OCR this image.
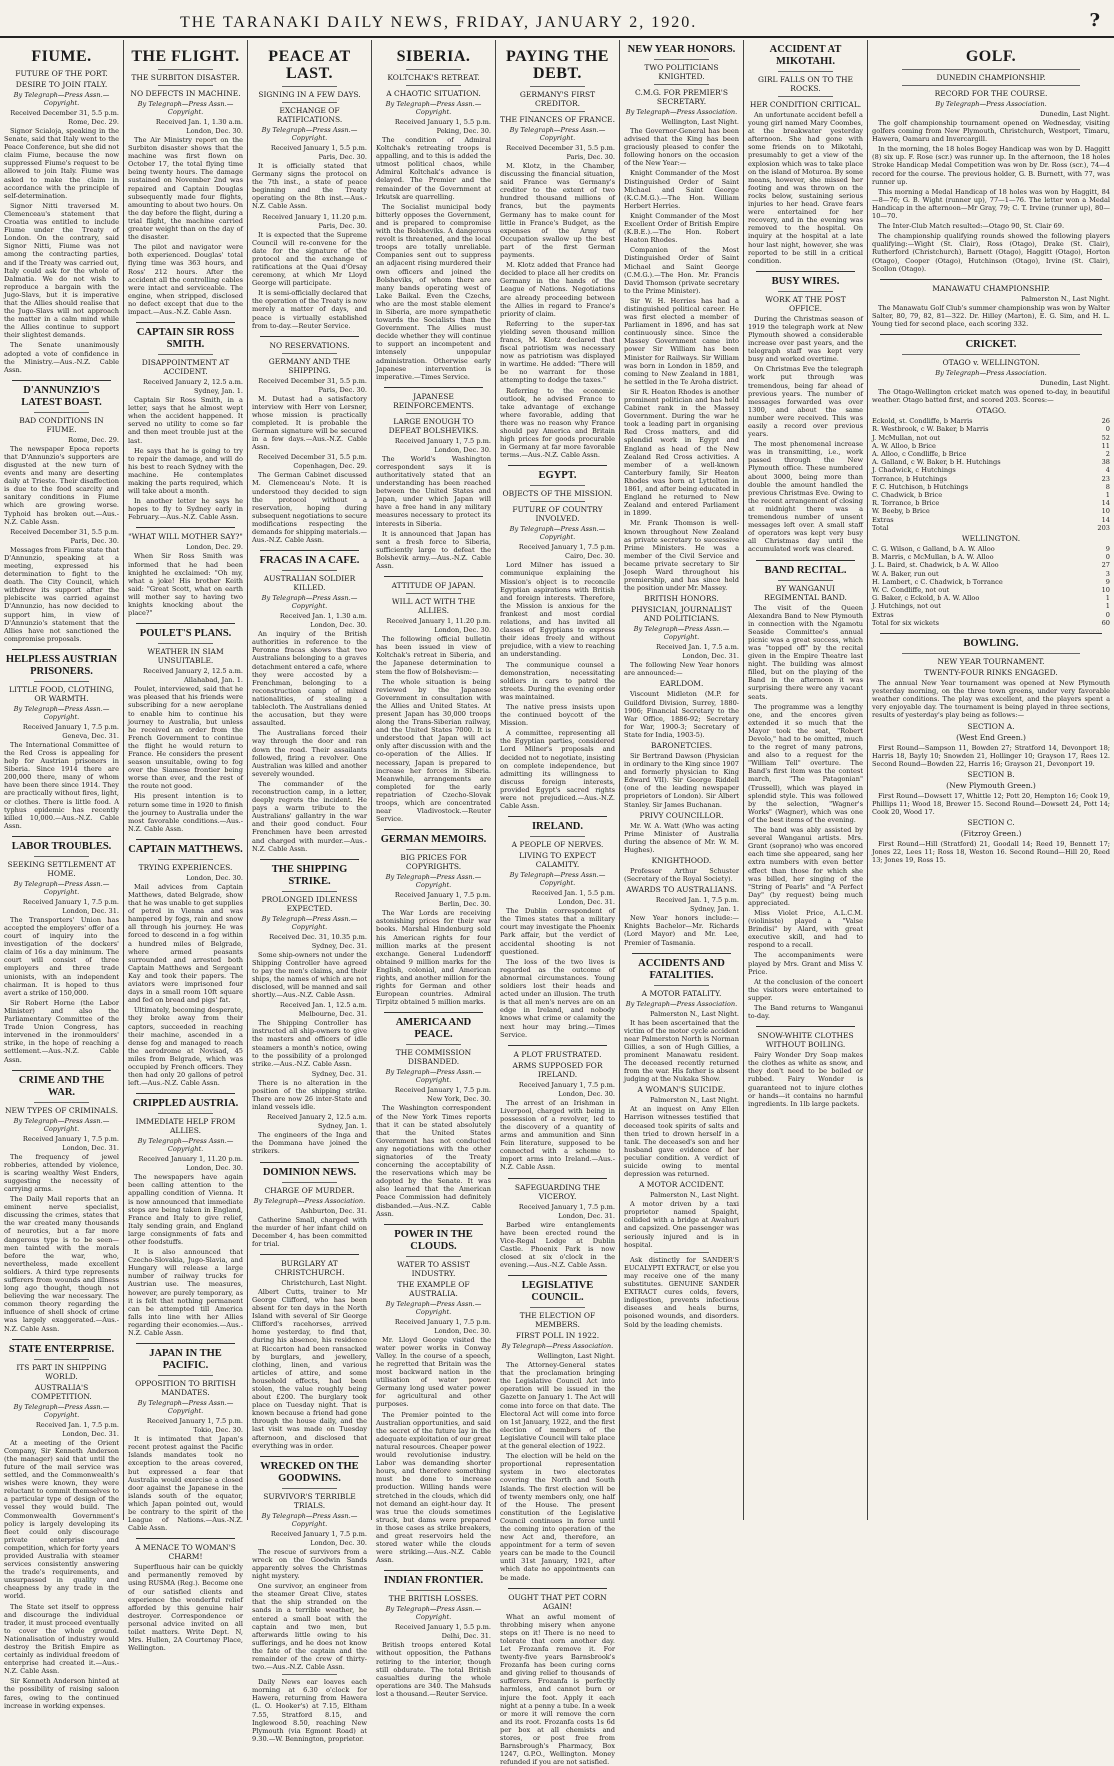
THE TARANAKI DAILY NEWS, FRIDAY, JANUARY 2, 1920.	?
FIUME.
FUTURE OF THE PORT.
DESIRE TO JOIN ITALY.
By Telegraph—Press Assn.—Copyright.
Received December 31, 5.5 p.m.
Rome, Dec. 29.
Signor Scialoja, speaking in the Senate, said that Italy went to the Peace Conference, but she did not claim Fiume, because the now suppressed Fiume's request to be allowed to join Italy. Fiume was asked to make the claim in accordance with the principle of self-determination.
Signor Nitti traversed M. Clemenceau's statement that Croatia was entitled to include Fiume under the Treaty of London. On the contrary, said Signor Nitti, Fiume was not among the contracting parties, and if the Treaty was carried out, Italy could ask for the whole of Dalmatia. We do not wish to reproduce a bargain with the Jugo-Slavs, but it is imperative that the Allies should realise that the Jugo-Slavs will not approach the matter in a calm mind while the Allies continue to support their slightest demands.
The Senate unanimously adopted a vote of confidence in the Ministry.—Aus.-N.Z. Cable Assn.
D'ANNUNZIO'S LATEST BOAST.
BAD CONDITIONS IN FIUME.
Rome, Dec. 29.
The newspaper Epoca reports that D'Annunzio's supporters are disgusted at the new turn of events and many are deserting daily at Trieste. Their disaffection is due to the food scarcity and sanitary conditions in Fiume which are growing worse. Typhoid has broken out.—Aus.-N.Z. Cable Assn.
Received December 31, 5.5 p.m.
Paris, Dec. 30.
Messages from Fiume state that D'Annunzio, speaking at a meeting, expressed his determination to fight to the death. The City Council, which withdrew its support after the plebiscite was carried against D'Annunzio, has now decided to support him, in view of D'Annunzio's statement that the Allies have not sanctioned the compromise proposals.
HELPLESS AUSTRIAN PRISONERS.
LITTLE FOOD, CLOTHING, OR WARMTH.
By Telegraph—Press Assn.—Copyright.
Received January 1, 7.5 p.m.
Geneva, Dec. 31.
The International Committee of the Red Cross is appealing for help for Austrian prisoners in Siberia. Since 1914 there are 200,000 there, many of whom have been there since 1914. They are practically without fires, light, or clothes. There is little food. A typhus epidemic has recently killed 10,000.—Aus.-N.Z. Cable Assn.
LABOR TROUBLES.
SEEKING SETTLEMENT AT HOME.
By Telegraph—Press Assn.—Copyright.
Received January 1, 7.5 p.m.
London, Dec. 31.
The Transporters' Union has accepted the employers' offer of a court of inquiry into the investigation of the dockers' claim of 16s a day minimum. The court will consist of three employers and three trade unionists, with an independent chairman. It is hoped to thus avert a strike of 150,000.
Sir Robert Horne (the Labor Minister) and also the Parliamentary Committee of the Trade Union Congress, has intervened in the ironmoulders' strike, in the hope of reaching a settlement.—Aus.-N.Z. Cable Assn.
CRIME AND THE WAR.
NEW TYPES OF CRIMINALS.
By Telegraph—Press Assn.—Copyright.
Received January 1, 7.5 p.m.
London, Dec. 31.
The frequency of jewel robberies, attended by violence, is scaring wealthy West Enders, suggesting the necessity of carrying arms.
The Daily Mail reports that an eminent nerve specialist, discussing the crimes, states that the war created many thousands of neurotics, but a far more dangerous type is to be seen—men tainted with the morals before the war, who, nevertheless, made excellent soldiers. A third type represents sufferers from wounds and illness long ago thought, though not believing the war necessary. The common theory regarding the influence of shell shock of crime was largely exaggerated.—Aus.-N.Z. Cable Assn.
STATE ENTERPRISE.
ITS PART IN SHIPPING WORLD.
AUSTRALIA'S COMPETITION.
By Telegraph—Press Assn.—Copyright.
Received Jan. 1, 7.5 p.m.
London, Dec. 31.
At a meeting of the Orient Company, Sir Kenneth Anderson (the manager) said that until the future of the mail service was settled, and the Commonwealth's wishes were known, they were reluctant to commit themselves to a particular type of design of the vessel they would build. The Commonwealth Government's policy is largely developing its fleet could only discourage private enterprise and competition, which for forty years provided Australia with steamer services consistently answering the trade's requirements, and unsurpassed in quality and cheapness by any trade in the world.
The State set itself to oppress and discourage the individual trader, it must proceed eventually to cover the whole ground. Nationalisation of industry would destroy the British Empire as certainly as individual freedom of enterprise had created it.—Aus.-N.Z. Cable Assn.
Sir Kenneth Anderson hinted at the possibility of raising saloon fares, owing to the continued increase in working expenses.
THE FLIGHT.
THE SURBITON DISASTER.
NO DEFECTS IN MACHINE.
By Telegraph—Press Assn.—Copyright.
Received Jan. 1, 1.30 a.m.
London, Dec. 30.
The Air Ministry report on the Surbiton disaster shows that the machine was first flown on October 17, the total flying time being twenty hours. The damage sustained on November 2nd was repaired and Captain Douglas subsequently made four flights, amounting to about two hours. On the day before the flight, during a trial flight, the machine carried greater weight than on the day of the disaster.
The pilot and navigator were both experienced. Douglas' total flying time was 363 hours, and Ross' 212 hours. After the accident all the controlling cables were intact and serviceable. The engine, when stripped, disclosed no defect except that due to the impact.—Aus.-N.Z. Cable Assn.
CAPTAIN SIR ROSS SMITH.
DISAPPOINTMENT AT ACCIDENT.
Received January 2, 12.5 a.m.
Sydney, Jan. 1.
Captain Sir Ross Smith, in a letter, says that he almost wept when the accident happened. It served no utility to come so far and then meet trouble just at the last.
He says that he is going to try to repair the damage, and will do his best to reach Sydney with the machine. He contemplates making the parts required, which will take about a month.
In another letter he says he hopes to fly to Sydney early in February.—Aus.-N.Z. Cable Assn.
"WHAT WILL MOTHER SAY?"
London, Dec. 29.
When Sir Ross Smith was informed that he had been knighted he exclaimed: "Oh my, what a joke! His brother Keith said: "Great Scott, what on earth will mother say to having two knights knocking about the place?"
POULET'S PLANS.
WEATHER IN SIAM UNSUITABLE.
Received January 2, 12.5 a.m.
Allahabad, Jan. 1.
Poulet, interviewed, said that he was pleased that his friends were subscribing for a new aeroplane to enable him to continue his journey to Australia, but unless he received an order from the French Government to continue the flight he would return to France. He considers the present season unsuitable, owing to fog over the Siamese frontier being worse than ever, and the rest of the route not good.
His present intention is to return some time in 1920 to finish the journey to Australia under the most favorable conditions.—Aus.-N.Z. Cable Assn.
CAPTAIN MATTHEWS.
TRYING EXPERIENCES.
London, Dec. 30.
Mail advices from Captain Matthews, dated Belgrade, show that he was unable to get supplies of petrol in Vienna and was hampered by fogs, rain and snow all through his journey. He was forced to descend in a fog within a hundred miles of Belgrade, where armed peasants surrounded and arrested both Captain Matthews and Sergeant Kay and took their papers. The aviators were imprisoned four days in a small room 10ft square and fed on bread and pigs' fat.
Ultimately, becoming desperate, they broke away from their captors, succeeded in reaching their machine, ascended in a dense fog and managed to reach the aerodrome at Novisad, 45 miles from Belgrade, which was occupied by French officers. They then had only 20 gallons of petrol left.—Aus.-N.Z. Cable Assn.
CRIPPLED AUSTRIA.
IMMEDIATE HELP FROM ALLIES.
By Telegraph—Press Assn.—Copyright.
Received January 1, 11.20 p.m.
London, Dec. 30.
The newspapers have again been calling attention to the appalling condition of Vienna. It is now announced that immediate steps are being taken in England, France and Italy to give relief, Italy sending grain, and England large consignments of fats and other foodstuffs.
It is also announced that Czecho-Slovakia, Jugo-Slavia, and Hungary will release a large number of railway trucks for Austrian use. The measures, however, are purely temporary, as it is felt that nothing permanent can be attempted till America falls into line with her Allies regarding their economies.—Aus.-N.Z. Cable Assn.
JAPAN IN THE PACIFIC.
OPPOSITION TO BRITISH MANDATES.
By Telegraph—Press Assn.—Copyright.
Received January 1, 7.5 p.m.
Tokio, Dec. 30.
It is intimated that Japan's recent protest against the Pacific Islands mandates took no exception to the areas covered, but expressed a fear that Australia would exercise a closed door against the Japanese in the islands south of the equator, which Japan pointed out, would be contrary to the spirit of the League of Nations.—Aus.-N.Z. Cable Assn.
A MENACE TO WOMAN'S CHARM!
Superfluous hair can be quickly and permanently removed by using RUSMA (Reg.). Become one of our satisfied clients and experience the wonderful relief afforded by this genuine hair destroyer. Correspondence or personal advice invited on all toilet matters. Write Dept. N, Mrs. Hullen, 2A Courtenay Place, Wellington.
PEACE AT LAST.
SIGNING IN A FEW DAYS.
EXCHANGE OF RATIFICATIONS.
By Telegraph—Press Assn.—Copyright.
Received January 1, 5.5 p.m.
Paris, Dec. 30.
It is officially stated that Germany signs the protocol on the 7th inst., a state of peace beginning and the Treaty operating on the 8th inst.—Aus.-N.Z. Cable Assn.
Received January 1, 11.20 p.m.
Paris, Dec. 30.
It is expected that the Supreme Council will re-convene for the date for the signature of the protocol and the exchange of ratifications at the Quai d'Orsay ceremony, at which Mr Lloyd George will participate.
It is semi-officially declared that the operation of the Treaty is now merely a matter of days, and peace is virtually established from to-day.—Reuter Service.
NO RESERVATIONS.
GERMANY AND THE SHIPPING.
Received December 31, 5.5 p.m.
Paris, Dec. 30.
M. Dutast had a satisfactory interview with Herr von Lersner, whose mission is practically completed. It is probable the German signature will be secured in a few days.—Aus.-N.Z. Cable Assn.
Received December 31, 5.5 p.m.
Copenhagen, Dec. 29.
The German Cabinet discussed M. Clemenceau's Note. It is understood they decided to sign the protocol without a reservation, hoping during subsequent negotiations to secure modifications respecting the demands for shipping materials.—Aus.-N.Z. Cable Assn.
FRACAS IN A CAFE.
AUSTRALIAN SOLDIER KILLED.
By Telegraph—Press Assn.—Copyright.
Received Jan. 1, 1.30 a.m.
London, Dec. 30.
An inquiry of the British authorities in reference to the Peronne fracas shows that two Australians belonging to a graves detachment entered a cafe, where they were accosted by a Frenchman, belonging to a reconstruction camp of mixed nationalities, of stealing a tablecloth. The Australians denied the accusation, but they were assaulted.
The Australians forced their way through the door and ran down the road. Their assailants followed, firing a revolver. One Australian was killed and another severely wounded.
The commander of the reconstruction camp, in a letter, deeply regrets the incident. He pays a warm tribute to the Australians' gallantry in the war and their good conduct. Four Frenchmen have been arrested and charged with murder.—Aus.-N.Z. Cable Assn.
THE SHIPPING STRIKE.
PROLONGED IDLENESS EXPECTED.
By Telegraph—Press Assn.—Copyright.
Received Dec. 31, 10.35 p.m.
Sydney, Dec. 31.
Some ship-owners not under the Shipping Controller have agreed to pay the men's claims, and their ships, the names of which are not disclosed, will be manned and sail shortly.—Aus.-N.Z. Cable Assn.
Received Jan. 1, 12.5 a.m.
Melbourne, Dec. 31.
The Shipping Controller has instructed all ship-owners to give the masters and officers of idle steamers a month's notice, owing to the possibility of a prolonged strike.—Aus.-N.Z. Cable Assn.
Sydney, Dec. 31.
There is no alteration in the position of the shipping strike. There are now 26 inter-State and inland vessels idle.
Received January 2, 12.5 a.m.
Sydney, Jan. 1.
The engineers of the Inga and the Dommana have joined the strikers.
DOMINION NEWS.
CHARGE OF MURDER.
By Telegraph—Press Association.
Ashburton, Dec. 31.
Catherine Small, charged with the murder of her infant child on December 4, has been committed for trial.
BURGLARY AT CHRISTCHURCH.
Christchurch, Last Night.
Albert Cutts, trainer to Mr George Clifford, who has been absent for ten days in the North Island with several of Sir George Clifford's racehorses, arrived home yesterday, to find that, during his absence, his residence at Riccarton had been ransacked by burglars, and jewellery, clothing, linen, and various articles of attire, and some household effects, had been stolen, the value roughly being about £200. The burglary took place on Tuesday night. That is known because a friend had gone through the house daily, and the last visit was made on Tuesday afternoon, and disclosed that everything was in order.
WRECKED ON THE GOODWINS.
SURVIVOR'S TERRIBLE TRIALS.
By Telegraph—Press Assn.—Copyright.
Received January 1, 7.5 p.m.
London, Dec. 30.
The rescue of survivors from a wreck on the Goodwin Sands apparently solves the Christmas night mystery.
One survivor, an engineer from the steamer Great Clive, states that the ship stranded on the sands in a terrible weather, he entered a small boat with the captain and two men, but afterwards little owing to his sufferings, and he does not know the fate of the captain and the remainder of the crew of thirty-two.—Aus.-N.Z. Cable Assn.
Daily News ear loaves each morning at 6.30 o'clock for Hawera, returning from Hawera (L. O. Hooker's) at 7.15, Eltham 7.55, Stratford 8.15, and Inglewood 8.50, reaching New Plymouth (via Egmont Road) at 9.30.—W. Bennington, proprietor.
SIBERIA.
KOLTCHAK'S RETREAT.
A CHAOTIC SITUATION.
By Telegraph—Press Assn.—Copyright.
Received January 1, 5.5 p.m.
Peking, Dec. 30.
The condition of Admiral Koltchak's retreating troops is appalling, and to this is added the utmost political chaos, while Admiral Koltchak's advance is delayed. The Premier and the remainder of the Government at Irkutsk are quarrelling.
The Socialist municipal body bitterly opposes the Government, and is prepared to compromise with the Bolsheviks. A dangerous revolt is threatened, and the local troops are totally unreliable. Companies sent out to suppress an adjacent rising murdered their own officers and joined the Bolsheviks, of whom there are many bands operating west of Lake Baikal. Even the Czechs, who are the most stable element in Siberia, are more sympathetic towards the Socialists than the Government. The Allies must decide whether they will continue to support an incompetent and intensely unpopular administration. Otherwise early Japanese intervention is imperative.—Times Service.
JAPANESE REINFORCEMENTS.
LARGE ENOUGH TO DEFEAT BOLSHEVIKS.
Received January 1, 7.5 p.m.
London, Dec. 30.
The World's Washington correspondent says it is authoritatively stated that an understanding has been reached between the United States and Japan, under which Japan will have a free hand in any military measures necessary to protect its interests in Siberia.
It is announced that Japan has sent a fresh force to Siberia, sufficiently large to defeat the Bolshevik army.—Aus.-N.Z. Cable Assn.
ATTITUDE OF JAPAN.
WILL ACT WITH THE ALLIES.
Received January 1, 11.20 p.m.
London, Dec. 30.
The following official bulletin has been issued in view of Koltchak's retreat in Siberia, and the Japanese determination to stem the flow of Bolshevism:—
The whole situation is being reviewed by the Japanese Government in consultation with the Allies and United States. At present Japan has 30,000 troops along the Trans-Siberian railway, and the United States 7000. It is understood that Japan will act only after discussion with and the co-operation of the Allies. If necessary, Japan is prepared to increase her forces in Siberia. Meanwhile, arrangements are completed for the early repatriation of Czecho-Slovak troops, which are concentrated near Vladivostock.—Reuter Service.
GERMAN MEMOIRS.
BIG PRICES FOR COPYRIGHTS.
By Telegraph—Press Assn.—Copyright.
Received January 1, 7.5 p.m.
Berlin, Dec. 30.
The War Lords are receiving astonishing prices for their war books. Marshal Hindenburg sold his American rights for four million marks at the present exchange. General Ludendorff obtained 9 million marks for the English, colonial, and American rights, and another million for the rights for German and other European countries. Admiral Tirpitz obtained 5 million marks.
AMERICA AND PEACE.
THE COMMISSION DISBANDED.
By Telegraph—Press Assn.—Copyright.
Received January 1, 7.5 p.m.
New York, Dec. 30.
The Washington correspondent of the New York Times reports that it can be stated absolutely that the United States Government has not conducted any negotiations with the other signatories of the Treaty concerning the acceptability of the reservations which may be adopted by the Senate. It was also learned that the American Peace Commission had definitely disbanded.—Aus.-N.Z. Cable Assn.
POWER IN THE CLOUDS.
WATER TO ASSIST INDUSTRY.
THE EXAMPLE OF AUSTRALIA.
By Telegraph—Press Assn.—Copyright.
Received January 1, 7.5 p.m.
London, Dec. 30.
Mr. Lloyd George visited the water power works in Conway Valley. In the course of a speech, he regretted that Britain was the most backward nation in the utilisation of water power. Germany long used water power for agricultural and other purposes.
The Premier pointed to the Australian opportunities, and said the secret of the future lay in the adequate exploitation of our great natural resources. Cheaper power would revolutionise industry. Labor was demanding shorter hours, and therefore something must be done to increase production. Willing hands were stretched in the clouds, which did not demand an eight-hour day. It was true the clouds sometimes struck, but dams were prepared in those cases as strike breakers, and great reservoirs held the stored water while the clouds were striking.—Aus.-N.Z. Cable Assn.
INDIAN FRONTIER.
THE BRITISH LOSSES.
By Telegraph—Press Assn.—Copyright.
Received January 1, 5.5 p.m.
Delhi, Dec. 31.
British troops entered Kotal without opposition, the Pathans retiring to the interior, though still obdurate. The total British casualties during the whole operations are 340. The Mahsuds lost a thousand.—Reuter Service.
PAYING THE DEBT.
GERMANY'S FIRST CREDITOR.
THE FINANCES OF FRANCE.
By Telegraph—Press Assn.—Copyright.
Received December 31, 5.5 p.m.
Paris, Dec. 30.
M. Klotz, in the Chamber, discussing the financial situation, said France was Germany's creditor to the extent of two hundred thousand millions of francs, but the payments Germany has to make count for little in France's Budget, as the expenses of the Army of Occupation swallow up the best part of the first German payments.
M. Klotz added that France had decided to place all her credits on Germany in the hands of the League of Nations. Negotiations are already proceeding between the Allies in regard to France's priority of claim.
Referring to the super-tax yielding seven thousand million francs, M. Klotz declared that fiscal patriotism was necessary now as patriotism was displayed in wartime. He added: "There will be no warrant for those attempting to dodge the taxes."
Referring to the economic outlook, he advised France to take advantage of exchange where favorable, adding that there was no reason why France should pay America and Britain high prices for goods procurable in Germany at far more favorable terms.—Aus.-N.Z. Cable Assn.
EGYPT.
OBJECTS OF THE MISSION.
FUTURE OF COUNTRY INVOLVED.
By Telegraph—Press Assn.—Copyright.
Received January 1, 7.5 p.m.
Cairo, Dec. 30.
Lord Milner has issued a communique explaining the Mission's object is to reconcile Egyptian aspirations with British and foreign interests. Therefore, the Mission is anxious for the frankest and most cordial relations, and has invited all classes of Egyptians to express their ideas freely and without prejudice, with a view to reaching an understanding.
The communique counsel a demonstration, necessitating soldiers in cars to patrol the streets. During the evening order was maintained.
The native press insists upon the continued boycott of the Mission.
A committee, representing all the Egyptian parties, considered Lord Milner's proposals and decided not to negotiate, insisting on complete independence, but admitting its willingness to discuss foreign interests, provided Egypt's sacred rights were not prejudiced.—Aus.-N.Z. Cable Assn.
IRELAND.
A PEOPLE OF NERVES.
LIVING TO EXPECT CALAMITY.
By Telegraph—Press Assn.—Copyright.
Received Jan. 1, 5.5 p.m.
London, Dec. 31.
The Dublin correspondent of the Times states that a military court may investigate the Phoenix Park affair, but the verdict of accidental shooting is not questioned.
The loss of the two lives is regarded as the outcome of abnormal circumstances. Young soldiers lost their heads and acted under an illusion. The truth is that all men's nerves are on an edge in Ireland, and nobody knows what crime or calamity the next hour may bring.—Times Service.
A PLOT FRUSTRATED.
ARMS SUPPOSED FOR IRELAND.
Received January 1, 7.5 p.m.
London, Dec. 30.
The arrest of an Irishman in Liverpool, charged with being in possession of a revolver, led to the discovery of a quantity of arms and ammunition and Sinn Fein literature, supposed to be connected with a scheme to import arms into Ireland.—Aus.-N.Z. Cable Assn.
SAFEGUARDING THE VICEROY.
Received January 1, 7.5 p.m.
London, Dec. 31.
Barbed wire entanglements have been erected round the Vice-Regal Lodge at Dublin Castle. Phoenix Park is now closed at six o'clock in the evening.—Aus.-N.Z. Cable Assn.
LEGISLATIVE COUNCIL.
THE ELECTION OF MEMBERS.
FIRST POLL IN 1922.
By Telegraph—Press Association.
Wellington, Last Night.
The Attorney-General states that the proclamation bringing the Legislative Council Act into operation will be issued in the Gazette on January 1. The Act will come into force on that date. The Electoral Act will come into force on 1st January, 1922, and the first election of members of the Legislative Council will take place at the general election of 1922.
The election will be held on the proportional representation system in two electorates covering the North and South Islands. The first election will be of twenty members only, one half of the House. The present constitution of the Legislative Council continues in force until the coming into operation of the new Act and, therefore, an appointment for a term of seven years can be made to the Council until 31st January, 1921, after which date no appointments can be made.
OUGHT THAT PET CORN AGAIN!
What an awful moment of throbbing misery when anyone steps on it! There is no need to tolerate that corn another day. Let Frozanfa remove it. For twenty-five years Barnsbrook's Frozanfa has been curing corns and giving relief to thousands of sufferers. Frozanfa is perfectly harmless, and cannot burn or injure the foot. Apply it each night at a penny a tube. In a week or more it will remove the corn and its root. Frozanfa costs 1s 6d per box at all chemists and stores, or post free from Barnsbrough's Pharmacy, Box 1247, G.P.O., Wellington. Money refunded if you are not satisfied.
NEW YEAR HONORS.
TWO POLITICIANS KNIGHTED.
C.M.G. FOR PREMIER'S SECRETARY.
By Telegraph—Press Association.
Wellington, Last Night.
The Governor-General has been advised that the King has been graciously pleased to confer the following honors on the occasion of the New Year:—
Knight Commander of the Most Distinguished Order of Saint Michael and Saint George (K.C.M.G.).—The Hon. William Herbert Herries.
Knight Commander of the Most Excellent Order of British Empire (K.B.E.).—The Hon. Robert Heaton Rhodes.
Companion of the Most Distinguished Order of Saint Michael and Saint George (C.M.G.).—The Hon. Mr. Francis David Thomson (private secretary to the Prime Minister).
Sir W. H. Herries has had a distinguished political career. He was first elected a member of Parliament in 1896, and has sat continuously since. Since the Massey Government came into power Sir William has been Minister for Railways. Sir William was born in London in 1859, and coming to New Zealand in 1881, he settled in the Te Aroha district.
Sir R. Heaton Rhodes is another prominent politician and has held Cabinet rank in the Massey Government. During the war he took a leading part in organising Red Cross matters, and did splendid work in Egypt and England as head of the New Zealand Red Cross activities. A member of a well-known Canterbury family, Sir Heaton Rhodes was born at Lyttelton in 1861, and after being educated in England he returned to New Zealand and entered Parliament in 1899.
Mr. Frank Thomson is well-known throughout New Zealand as private secretary to successive Prime Ministers. He was a member of the Civil Service and became private secretary to Sir Joseph Ward throughout his premiership, and has since held the position under Mr. Massey.
BRITISH HONORS.
PHYSICIAN, JOURNALIST AND POLITICIANS.
By Telegraph—Press Assn.—Copyright.
Received Jan. 1, 7.5 a.m.
London, Dec. 31.
The following New Year honors are announced:—
EARLDOM.
Viscount Midleton (M.P. for Guildford Division, Surrey, 1880-1906; Financial Secretary to the War Office, 1886-92; Secretary for War, 1900-3; Secretary of State for India, 1903-5).
BARONETCIES.
Sir Bertrand Dawson (Physician in ordinary to the King since 1907 and formerly physician to King Edward VII). Sir George Riddell (one of the leading newspaper proprietors of London). Sir Albert Stanley. Sir James Buchanan.
PRIVY COUNCILLOR.
Mr. W. A. Watt (Who was acting Prime Minister of Australia during the absence of Mr. W. M. Hughes).
KNIGHTHOOD.
Professor Arthur Schuster (Secretary of the Royal Society).
AWARDS TO AUSTRALIANS.
Received Jan. 1, 7.5 p.m.
Sydney, Jan. 1.
New Year honors include:—Knights Bachelor—Mr. Richards (Lord Mayor) and Mr. Lee, Premier of Tasmania.
ACCIDENTS AND FATALITIES.
A MOTOR FATALITY.
By Telegraph—Press Association.
Palmerston N., Last Night.
It has been ascertained that the victim of the motor cycle accident near Palmerston North is Norman Gillies, a son of Hugh Gillies, a prominent Manawatu resident. The deceased recently returned from the war. His father is absent judging at the Nukaka Show.
A WOMAN'S SUICIDE.
Palmerston N., Last Night.
At an inquest on Amy Ellen Harrison witnesses testified that deceased took spirits of salts and then tried to drown herself in a tank. The deceased's son and her husband gave evidence of her peculiar condition. A verdict of suicide owing to mental depression was returned.
A MOTOR ACCIDENT.
Palmerston N., Last Night.
A motor driven by a taxi proprietor named Spaight, collided with a bridge at Awahuri and capsized. One passenger was seriously injured and is in hospital.
Ask distinctly for SANDER'S EUCALYPTI EXTRACT, or else you may receive one of the many substitutes. GENUINE SANDER EXTRACT cures colds, fevers, indigestion, prevents infectious diseases and heals burns, poisoned wounds, and disorders. Sold by the leading chemists.
ACCIDENT AT MIKOTAHI.
GIRL FALLS ON TO THE ROCKS.
HER CONDITION CRITICAL.
An unfortunate accident befell a young girl named Mary Coombes, at the breakwater yesterday afternoon. She had gone with some friends on to Mikotahi, presumably to get a view of the explosion which was to take place on the island of Moturoa. By some means, however, she missed her footing and was thrown on the rocks below, sustaining serious injuries to her head. Grave fears were entertained for her recovery, and in the evening was removed to the hospital. On inquiry at the hospital at a late hour last night, however, she was reported to be still in a critical condition.
BUSY WIRES.
WORK AT THE POST OFFICE.
During the Christmas season of 1919 the telegraph work at New Plymouth showed a considerable increase over past years, and the telegraph staff was kept very busy and worked overtime.
On Christmas Eve the telegraph work put through was tremendous, being far ahead of previous years. The number of messages forwarded was over 1300, and about the same number were received. This was easily a record over previous years.
The most phenomenal increase was in transmitting, i.e., work passed through the New Plymouth office. These numbered about 3000, being more than double the amount handled the previous Christmas Eve. Owing to the recent arrangement of closing at midnight there was a tremendous number of unsent messages left over. A small staff of operators was kept very busy all Christmas day until the accumulated work was cleared.
BAND RECITAL.
BY WANGANUI REGIMENTAL BAND.
The visit of the Queen Alexandra Band to New Plymouth in connection with the Ngamotu Seaside Committee's annual picnic was a great success, which was "topped off" by the recital given in the Empire Theatre last night. The building was almost filled, but on the playing of the Band in the afternoon it was surprising there were any vacant seats.
The programme was a lengthy one, and the encores given extended it so much that the Mayor took the seat, "Robert Devolo," had to be omitted, much to the regret of many patrons, and also to a request for the "William Tell" overture. The Band's first item was the contest march, "The Patagonian" (Trussell), which was played in splendid style. This was followed by the selection, "Wagner's Works" (Wagner), which was one of the best items of the evening.
The band was ably assisted by several Wanganui artists. Mrs. Grant (soprano) who was encored each time she appeared, sang her extra numbers with even better effect than those for which she was billed, her singing of the "String of Pearls" and "A Perfect Day" (by request) being much appreciated.
Miss Violet Price, A.L.C.M. (violiniste) played a "Valse Brindisi" by Alard, with great executive skill, and had to respond to a recall.
The accompaniments were played by Mrs. Grant and Miss V. Price.
At the conclusion of the concert the visitors were entertained to supper.
The Band returns to Wanganui to-day.
SNOW-WHITE CLOTHES WITHOUT BOILING.
Fairy Wonder Dry Soap makes the clothes as white as snow, and they don't need to be boiled or rubbed. Fairy Wonder is guaranteed not to injure clothes or hands—it contains no harmful ingredients. In 1lb large packets.
GOLF.
DUNEDIN CHAMPIONSHIP.
RECORD FOR THE COURSE.
By Telegraph—Press Association.
Dunedin, Last Night.
The golf championship tournament opened on Wednesday, visiting golfers coming from New Plymouth, Christchurch, Westport, Timaru, Hawera, Oamaru and Invercargill.
In the morning, the 18 holes Bogey Handicap was won by D. Haggitt (8) six up. F. Rose (scr.) was runner up. In the afternoon, the 18 holes Stroke Handicap Medal Competition was won by Dr. Ross (scr.), 74—4 record for the course. The previous holder, G. B. Burnett, with 77, was runner up.
This morning a Medal Handicap of 18 holes was won by Haggitt, 84—8—76; G. B. Wight (runner up), 77—1—76. The letter won a Medal Handicap in the afternoon—Mr Gray, 79; C. T. Irvine (runner up), 80—10—70.
The Inter-Club Match resulted:—Otago 90, St. Clair 69.
The championship qualifying rounds showed the following players qualifying:—Wight (St. Clair), Ross (Otago), Drake (St. Clair), Rutherford (Christchurch), Barnett (Otago), Haggitt (Otago), Horton (Otago), Cooper (Otago), Hutchinson (Otago), Irvine (St. Clair), Scollon (Otago).
MANAWATU CHAMPIONSHIP.
Palmerston N., Last Night.
The Manawatu Golf Club's summer championship was won by Walter Salter, 80, 79, 82, 81—322. Dr. Hilley (Marton), E. G. Sim, and H. L. Young tied for second place, each scoring 332.
CRICKET.
OTAGO v. WELLINGTON.
By Telegraph—Press Association.
Dunedin, Last Night.
The Otago-Wellington cricket match was opened to-day, in beautiful weather. Otago batted first, and scored 203. Scores:—
OTAGO.
Eckold, st. Condliffe, b Marris	26
R. Westbrook, c W. Baker, b Marris	0
J. McMullan, not out	52
A. W. Alloo, b Brice	11
A. Alloo, c Condliffe, b Brice	2
A. Galland, c W. Baker, b H. Hutchings	38
J. Chadwick, c Hutchings	4
Torrance, b Hutchings	23
F. C. Hutchison, b Hutchings	8
C. Chadwick, b Brice	1
R. Torrance, b Brice	14
W. Beeby, b Brice	10
Extras	14
Total	203
WELLINGTON.
C. G. Wilson, c Galland, b A. W. Alloo	9
B. Marris, c McMullan, b A. W. Alloo	0
J. L. Baird, st. Chadwick, b A. W. Alloo	27
W. A. Baker, run out	3
H. Lambert, c C. Chadwick, b Torrance	9
W. C. Condliffe, not out	10
G. Baker, c Eckold, b A. W. Alloo	1
J. Hutchings, not out	1
Extras	0
Total for six wickets	60
BOWLING.
NEW YEAR TOURNAMENT.
TWENTY-FOUR RINKS ENGAGED.
The annual New Year tournament was opened at New Plymouth yesterday morning, on the three town greens, under very favorable weather conditions. The play was excellent, and the players spent a very enjoyable day. The tournament is being played in three sections, results of yesterday's play being as follows:—
SECTION A.
(West End Green.)
First Round—Sampson 11, Bowden 27; Stratford 14, Devonport 18; Harris 18, Bayly 10; Snowden 21, Hollinger 10; Grayson 17, Rees 12. Second Round—Bowden 22, Harris 16; Grayson 21, Devonport 19.
SECTION B.
(New Plymouth Green.)
First Round—Dowsett 17, Whittle 12; Pott 20, Hempton 16; Cook 19, Phillips 11; Wood 18, Brewer 15. Second Round—Dowsett 24, Pott 14; Cook 20, Wood 17.
SECTION C.
(Fitzroy Green.)
First Round—Hill (Stratford) 21, Goodall 14; Reed 19, Bennett 17; Jones 22, Lees 11; Ross 18, Weston 16. Second Round—Hill 20, Reed 13; Jones 19, Ross 15.
